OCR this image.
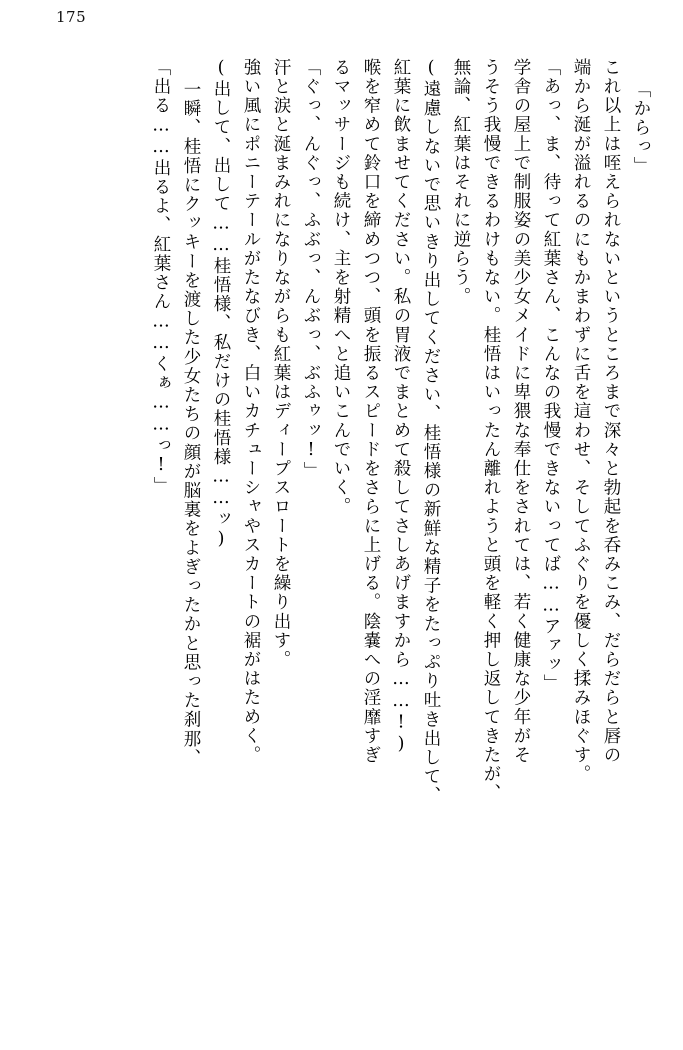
175
「からっ」
これ以上は咥えられないというところまで深々と勃起を呑みこみ、だらだらと唇の
端から涎が溢れるのにもかまわずに舌を這わせ、そしてふぐりを優しく揉みほぐす。
「あっ、ま、待って紅葉さん、こんなの我慢できないってば……アァッ」
学舎の屋上で制服姿の美少女メイドに卑猥な奉仕をされては、若く健康な少年がそ
うそう我慢できるわけもない。桂悟はいったん離れようと頭を軽く押し返してきたが、
無論、紅葉はそれに逆らう。
(遠慮しないで思いきり出してください、桂悟様の新鮮な精子をたっぷり吐き出して、
紅葉に飲ませてください。私の胃液でまとめて殺してさしあげますから……!)
喉を窄めて鈴口を締めつつ、頭を振るスピードをさらに上げる。陰嚢への淫靡すぎ
るマッサージも続け、主を射精へと追いこんでいく。
「ぐっ、んぐっ、ふぶっ、んぶっ、ぶふゥッ!」
汗と涙と涎まみれになりながらも紅葉はディープスロートを繰り出す。
強い風にポニーテールがたなびき、白いカチューシャやスカートの裾がはためく。
(出して、出して……桂悟様、私だけの桂悟様……ッ)
一瞬、桂悟にクッキーを渡した少女たちの顔が脳裏をよぎったかと思った刹那、
「出る……出るよ、紅葉さん……くぁ……っ!」
